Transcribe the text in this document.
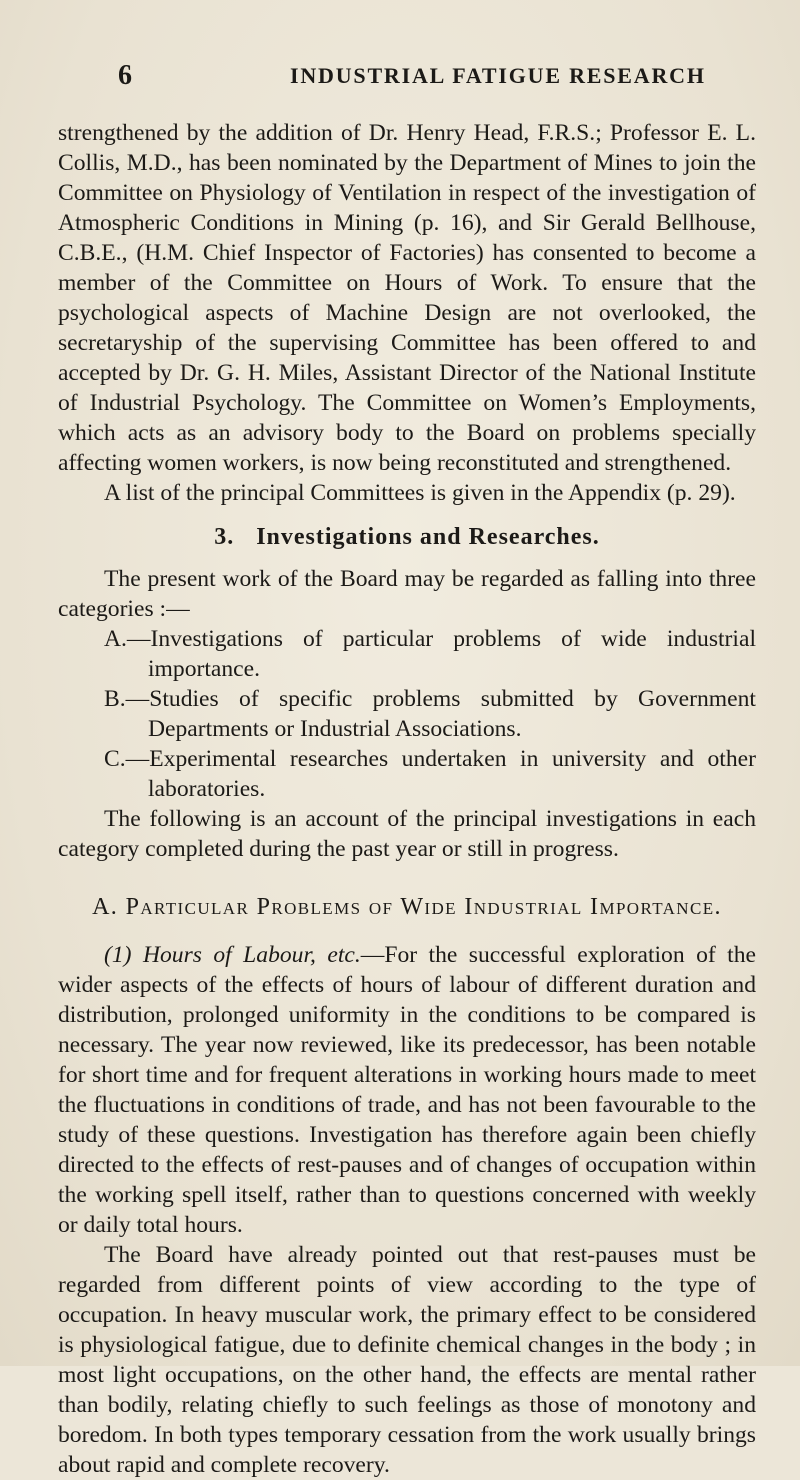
6	INDUSTRIAL FATIGUE RESEARCH

strengthened by the addition of Dr. Henry Head, F.R.S.; Professor E. L. Collis, M.D., has been nominated by the Department of Mines to join the Committee on Physiology of Ventilation in respect of the investigation of Atmospheric Conditions in Mining (p. 16), and Sir Gerald Bellhouse, C.B.E., (H.M. Chief Inspector of Factories) has consented to become a member of the Committee on Hours of Work. To ensure that the psychological aspects of Machine Design are not overlooked, the secretaryship of the supervising Committee has been offered to and accepted by Dr. G. H. Miles, Assistant Director of the National Institute of Industrial Psychology. The Committee on Women’s Employments, which acts as an advisory body to the Board on problems specially affecting women workers, is now being reconstituted and strengthened.

A list of the principal Committees is given in the Appendix (p. 29).

3. Investigations and Researches.

The present work of the Board may be regarded as falling into three categories :—

A.—Investigations of particular problems of wide industrial importance.

B.—Studies of specific problems submitted by Government Departments or Industrial Associations.

C.—Experimental researches undertaken in university and other laboratories.

The following is an account of the principal investigations in each category completed during the past year or still in progress.

A. Particular Problems of Wide Industrial Importance.

(1) Hours of Labour, etc.—For the successful exploration of the wider aspects of the effects of hours of labour of different duration and distribution, prolonged uniformity in the conditions to be compared is necessary. The year now reviewed, like its predecessor, has been notable for short time and for frequent alterations in working hours made to meet the fluctuations in conditions of trade, and has not been favourable to the study of these questions. Investigation has therefore again been chiefly directed to the effects of rest-pauses and of changes of occupation within the working spell itself, rather than to questions concerned with weekly or daily total hours.

The Board have already pointed out that rest-pauses must be regarded from different points of view according to the type of occupation. In heavy muscular work, the primary effect to be considered is physiological fatigue, due to definite chemical changes in the body ; in most light occupations, on the other hand, the effects are mental rather than bodily, relating chiefly to such feelings as those of monotony and boredom. In both types temporary cessation from the work usually brings about rapid and complete recovery.
